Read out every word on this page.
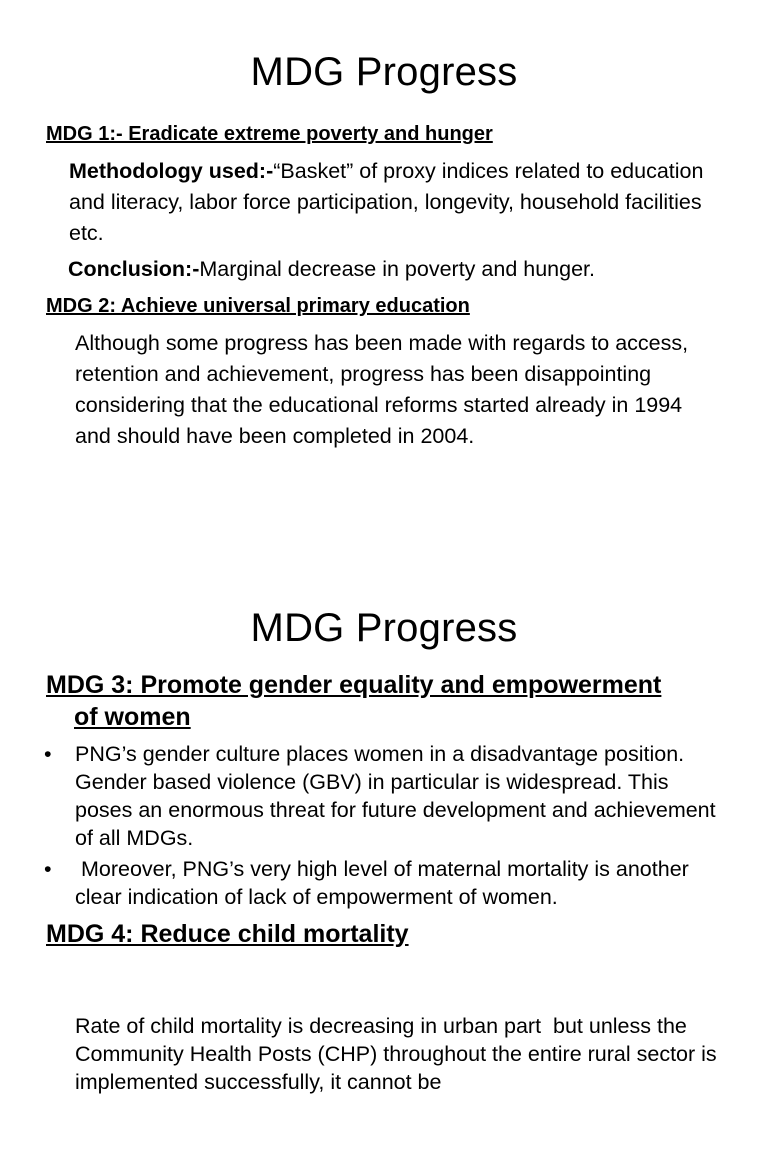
MDG Progress
MDG 1:- Eradicate extreme poverty and hunger
Methodology used:-“Basket” of proxy indices related to education and literacy, labor force participation, longevity, household facilities etc.
Conclusion:-Marginal decrease in poverty and hunger.
MDG 2: Achieve universal primary education
Although some progress has been made with regards to access, retention and achievement, progress has been disappointing considering that the educational reforms started already in 1994 and should have been completed in 2004.
MDG Progress
MDG 3: Promote gender equality and empowerment
of women
• PNG’s gender culture places women in a disadvantage position. Gender based violence (GBV) in particular is widespread. This poses an enormous threat for future development and achievement of all MDGs.
• Moreover, PNG’s very high level of maternal mortality is another clear indication of lack of empowerment of women.
MDG 4: Reduce child mortality

Rate of child mortality is decreasing in urban part  but unless the Community Health Posts (CHP) throughout the entire rural sector is implemented successfully, it cannot be
